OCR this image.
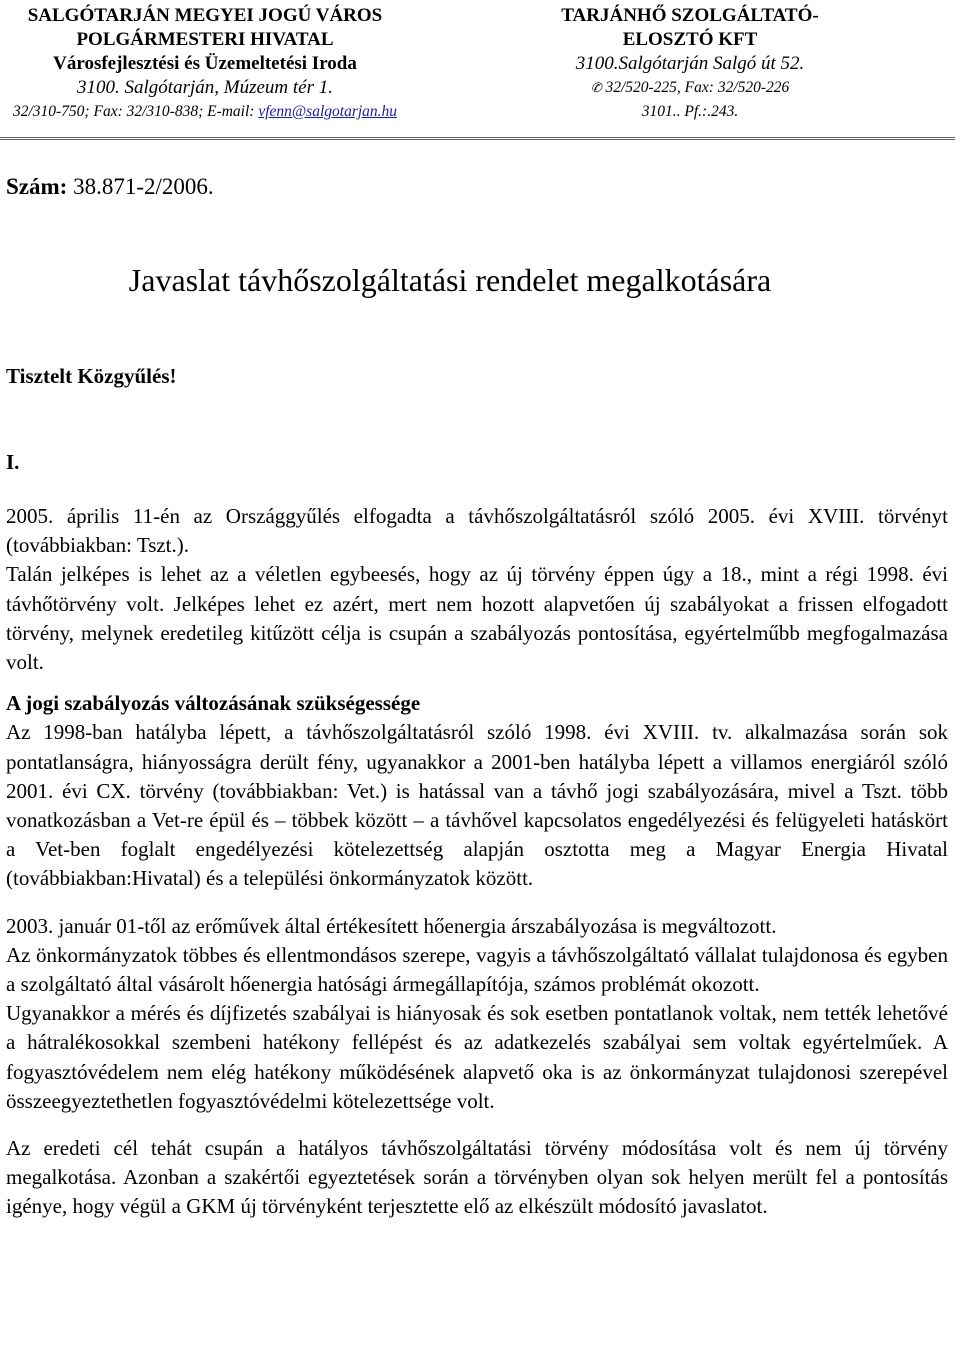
SALGÓTARJÁN MEGYEI JOGÚ VÁROS
POLGÁRMESTERI HIVATAL
Városfejlesztési és Üzemeltetési Iroda
3100. Salgótarján, Múzeum tér 1.
32/310-750; Fax: 32/310-838; E-mail: vfenn@salgotarjan.hu
TARJÁNHŐ SZOLGÁLTATÓ-
ELOSZTÓ KFT
3100.Salgótarján Salgó út 52.
✆ 32/520-225, Fax: 32/520-226
3101.. Pf.:.243.
Szám: 38.871-2/2006.
Javaslat távhőszolgáltatási rendelet megalkotására
Tisztelt Közgyűlés!
I.

2005. április 11-én az Országgyűlés elfogadta a távhőszolgáltatásról szóló 2005. évi XVIII. törvényt (továbbiakban: Tszt.).

Talán jelképes is lehet az a véletlen egybeesés, hogy az új törvény éppen úgy a 18., mint a régi 1998. évi távhőtörvény volt. Jelképes lehet ez azért, mert nem hozott alapvetően új szabályokat a frissen elfogadott törvény, melynek eredetileg kitűzött célja is csupán a szabályozás pontosítása, egyértelműbb megfogalmazása volt.

A jogi szabályozás változásának szükségessége

Az 1998-ban hatályba lépett, a távhőszolgáltatásról szóló 1998. évi XVIII. tv. alkalmazása során sok pontatlanságra, hiányosságra derült fény, ugyanakkor a 2001-ben hatályba lépett a villamos energiáról szóló 2001. évi CX. törvény (továbbiakban: Vet.) is hatással van a távhő jogi szabályozására, mivel a Tszt. több vonatkozásban a Vet-re épül és – többek között – a távhővel kapcsolatos engedélyezési és felügyeleti hatáskört a Vet-ben foglalt engedélyezési kötelezettség alapján osztotta meg a Magyar Energia Hivatal (továbbiakban:Hivatal) és a települési önkormányzatok között.

2003. január 01-től az erőművek által értékesített hőenergia árszabályozása is megváltozott.

Az önkormányzatok többes és ellentmondásos szerepe, vagyis a távhőszolgáltató vállalat tulajdonosa és egyben a szolgáltató által vásárolt hőenergia hatósági ármegállapítója, számos problémát okozott.

Ugyanakkor a mérés és díjfizetés szabályai is hiányosak és sok esetben pontatlanok voltak, nem tették lehetővé a hátralékosokkal szembeni hatékony fellépést és az adatkezelés szabályai sem voltak egyértelműek. A fogyasztóvédelem nem elég hatékony működésének alapvető oka is az önkormányzat tulajdonosi szerepével összeegyeztethetlen fogyasztóvédelmi kötelezettsége volt.

Az eredeti cél tehát csupán a hatályos távhőszolgáltatási törvény módosítása volt és nem új törvény megalkotása. Azonban a szakértői egyeztetések során a törvényben olyan sok helyen merült fel a pontosítás igénye, hogy végül a GKM új törvényként terjesztette elő az elkészült módosító javaslatot.
